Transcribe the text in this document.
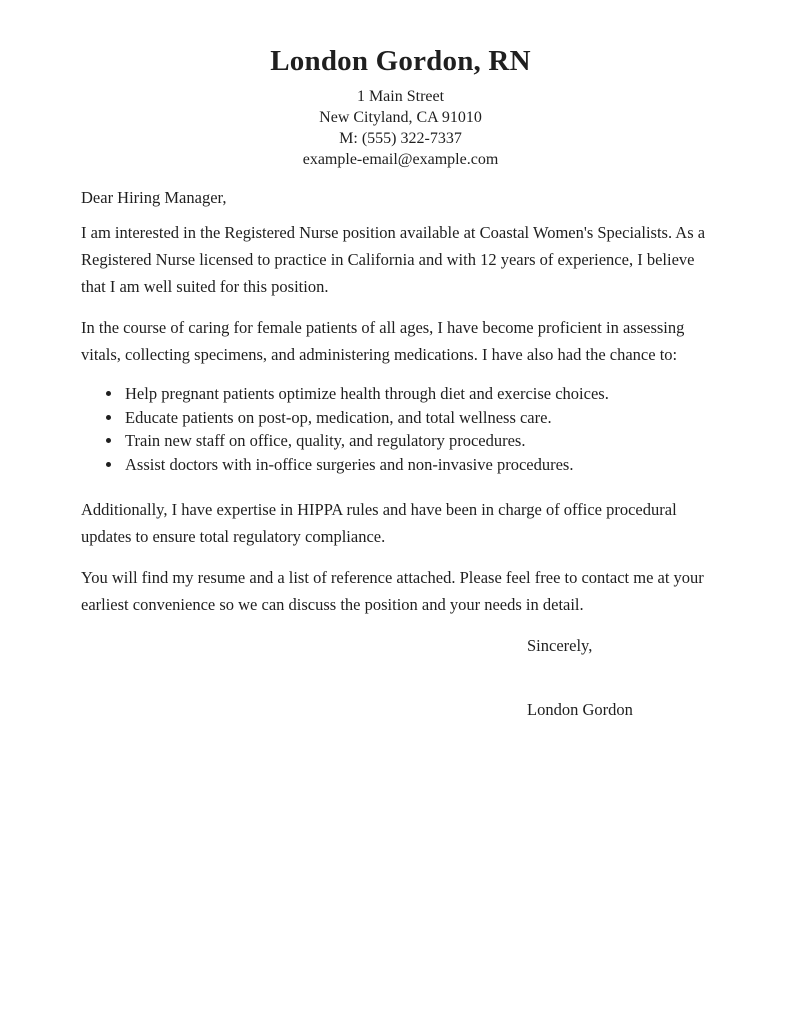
London Gordon, RN
1 Main Street
New Cityland, CA 91010
M: (555) 322-7337
example-email@example.com

Dear Hiring Manager,

I am interested in the Registered Nurse position available at Coastal Women's Specialists. As a Registered Nurse licensed to practice in California and with 12 years of experience, I believe that I am well suited for this position.

In the course of caring for female patients of all ages, I have become proficient in assessing vitals, collecting specimens, and administering medications. I have also had the chance to:

• Help pregnant patients optimize health through diet and exercise choices.
• Educate patients on post-op, medication, and total wellness care.
• Train new staff on office, quality, and regulatory procedures.
• Assist doctors with in-office surgeries and non-invasive procedures.

Additionally, I have expertise in HIPPA rules and have been in charge of office procedural updates to ensure total regulatory compliance.

You will find my resume and a list of reference attached. Please feel free to contact me at your earliest convenience so we can discuss the position and your needs in detail.

Sincerely,

London Gordon
